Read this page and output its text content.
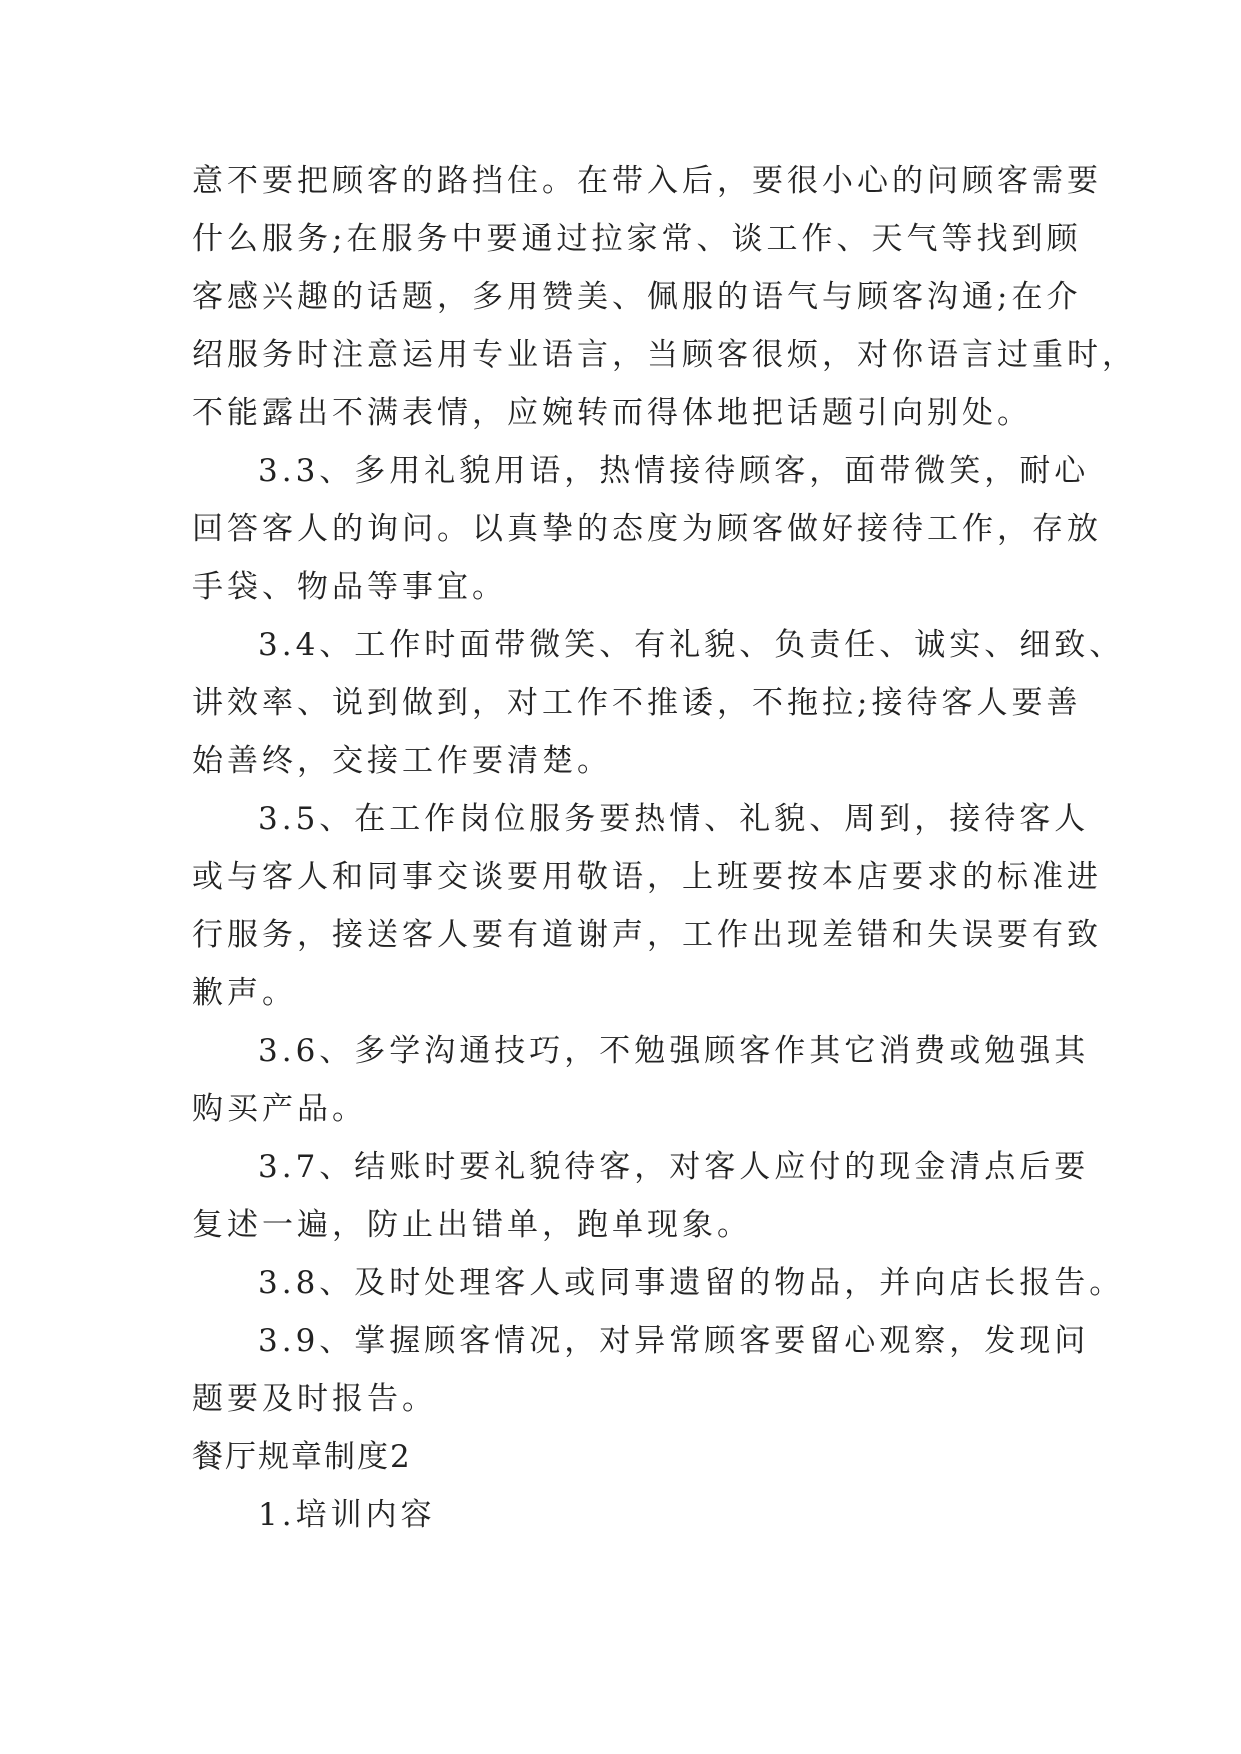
意不要把顾客的路挡住。在带入后，要很小心的问顾客需要
什么服务;在服务中要通过拉家常、谈工作、天气等找到顾
客感兴趣的话题，多用赞美、佩服的语气与顾客沟通;在介
绍服务时注意运用专业语言，当顾客很烦，对你语言过重时，
不能露出不满表情，应婉转而得体地把话题引向别处。
3.3、多用礼貌用语，热情接待顾客，面带微笑，耐心
回答客人的询问。以真挚的态度为顾客做好接待工作，存放
手袋、物品等事宜。
3.4、工作时面带微笑、有礼貌、负责任、诚实、细致、
讲效率、说到做到，对工作不推诿，不拖拉;接待客人要善
始善终，交接工作要清楚。
3.5、在工作岗位服务要热情、礼貌、周到，接待客人
或与客人和同事交谈要用敬语，上班要按本店要求的标准进
行服务，接送客人要有道谢声，工作出现差错和失误要有致
歉声。
3.6、多学沟通技巧，不勉强顾客作其它消费或勉强其
购买产品。
3.7、结账时要礼貌待客，对客人应付的现金清点后要
复述一遍，防止出错单，跑单现象。
3.8、及时处理客人或同事遗留的物品，并向店长报告。
3.9、掌握顾客情况，对异常顾客要留心观察，发现问
题要及时报告。
餐厅规章制度2
1.培训内容
